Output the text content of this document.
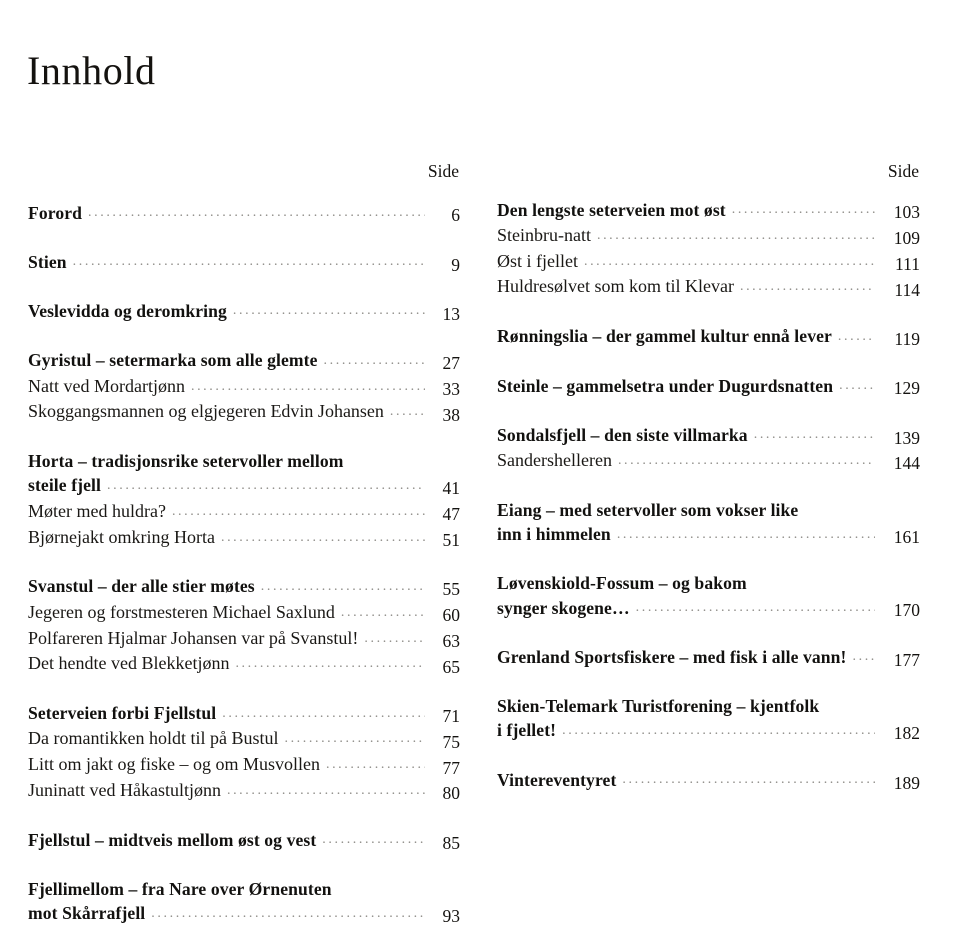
Innhold
Side
Forord .....	6
Stien .....	9
Veslevidda og deromkring .....	13
Gyristul – setermarka som alle glemte .....	27
Natt ved Mordartjønn .....	33
Skoggangsmannen og elgjegeren Edvin Johansen .....	38
Horta – tradisjonsrike setervoller mellom
steile fjell .....	41
Møter med huldra? .....	47
Bjørnejakt omkring Horta .....	51
Svanstul – der alle stier møtes .....	55
Jegeren og forstmesteren Michael Saxlund .....	60
Polfareren Hjalmar Johansen var på Svanstul! .....	63
Det hendte ved Blekketjønn .....	65
Seterveien forbi Fjellstul .....	71
Da romantikken holdt til på Bustul .....	75
Litt om jakt og fiske – og om Musvollen .....	77
Juninatt ved Håkastultjønn .....	80
Fjellstul – midtveis mellom øst og vest .....	85
Fjellimellom – fra Nare over Ørnenuten
mot Skårrafjell .....	93
Side
Den lengste seterveien mot øst .....	103
Steinbru-natt .....	109
Øst i fjellet .....	111
Huldresølvet som kom til Klevar .....	114
Rønningslia – der gammel kultur ennå lever .....	119
Steinle – gammelsetra under Dugurdsnatten .....	129
Sondalsfjell – den siste villmarka .....	139
Sandershelleren .....	144
Eiang – med setervoller som vokser like
inn i himmelen .....	161
Løvenskiold-Fossum – og bakom
synger skogene… .....	170
Grenland Sportsfiskere – med fisk i alle vann! .....	177
Skien-Telemark Turistforening – kjentfolk
i fjellet! .....	182
Vintereventyret .....	189
